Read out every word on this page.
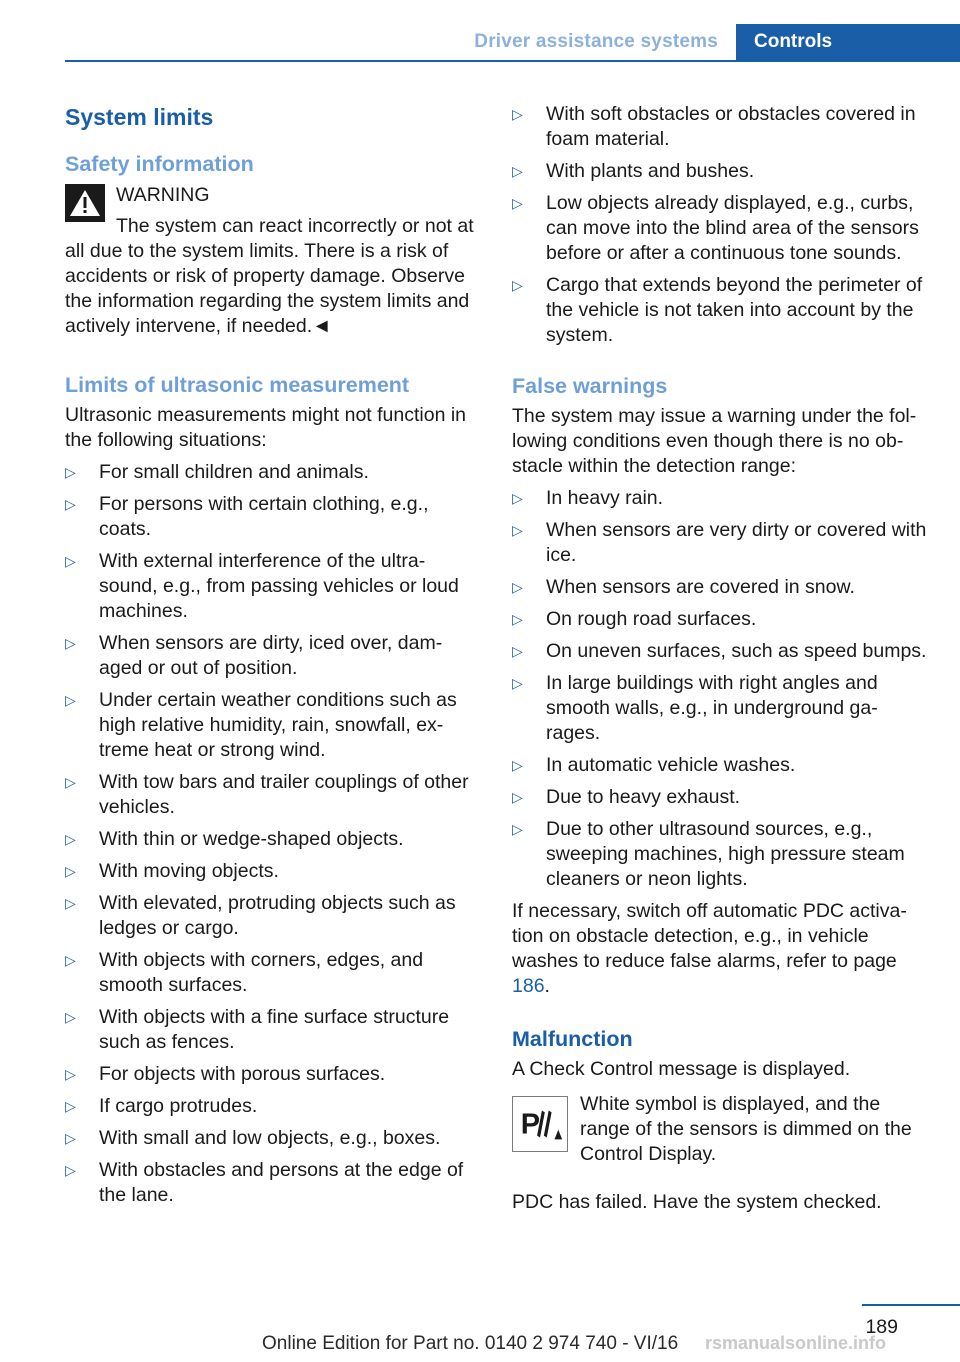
Driver assistance systems	Controls
System limits
Safety information
WARNING
The system can react incorrectly or not at all due to the system limits. There is a risk of accidents or risk of property damage. Observe the information regarding the system limits and actively intervene, if needed.◄
Limits of ultrasonic measurement

Ultrasonic measurements might not function in the following situations:

▷ For small children and animals.
▷ For persons with certain clothing, e.g., coats.
▷ With external interference of the ultra‐ sound, e.g., from passing vehicles or loud machines.
▷ When sensors are dirty, iced over, dam‐ aged or out of position.
▷ Under certain weather conditions such as high relative humidity, rain, snowfall, ex‐ treme heat or strong wind.
▷ With tow bars and trailer couplings of other vehicles.
▷ With thin or wedge-shaped objects.
▷ With moving objects.
▷ With elevated, protruding objects such as ledges or cargo.
▷ With objects with corners, edges, and smooth surfaces.
▷ With objects with a fine surface structure such as fences.
▷ For objects with porous surfaces.
▷ If cargo protrudes.
▷ With small and low objects, e.g., boxes.
▷ With obstacles and persons at the edge of the lane.
▷ With soft obstacles or obstacles covered in foam material.
▷ With plants and bushes.
▷ Low objects already displayed, e.g., curbs, can move into the blind area of the sensors before or after a continuous tone sounds.
▷ Cargo that extends beyond the perimeter of the vehicle is not taken into account by the system.
False warnings

The system may issue a warning under the fol‐ lowing conditions even though there is no ob‐ stacle within the detection range:

▷ In heavy rain.
▷ When sensors are very dirty or covered with ice.
▷ When sensors are covered in snow.
▷ On rough road surfaces.
▷ On uneven surfaces, such as speed bumps.
▷ In large buildings with right angles and smooth walls, e.g., in underground ga‐ rages.
▷ In automatic vehicle washes.
▷ Due to heavy exhaust.
▷ Due to other ultrasound sources, e.g., sweeping machines, high pressure steam cleaners or neon lights.

If necessary, switch off automatic PDC activa‐ tion on obstacle detection, e.g., in vehicle washes to reduce false alarms, refer to page 186.

Malfunction

A Check Control message is displayed.

P
White symbol is displayed, and the range of the sensors is dimmed on the Control Display.

PDC has failed. Have the system checked.

189
Online Edition for Part no. 0140 2 974 740 - VI/16 rsmanualsonline.info
